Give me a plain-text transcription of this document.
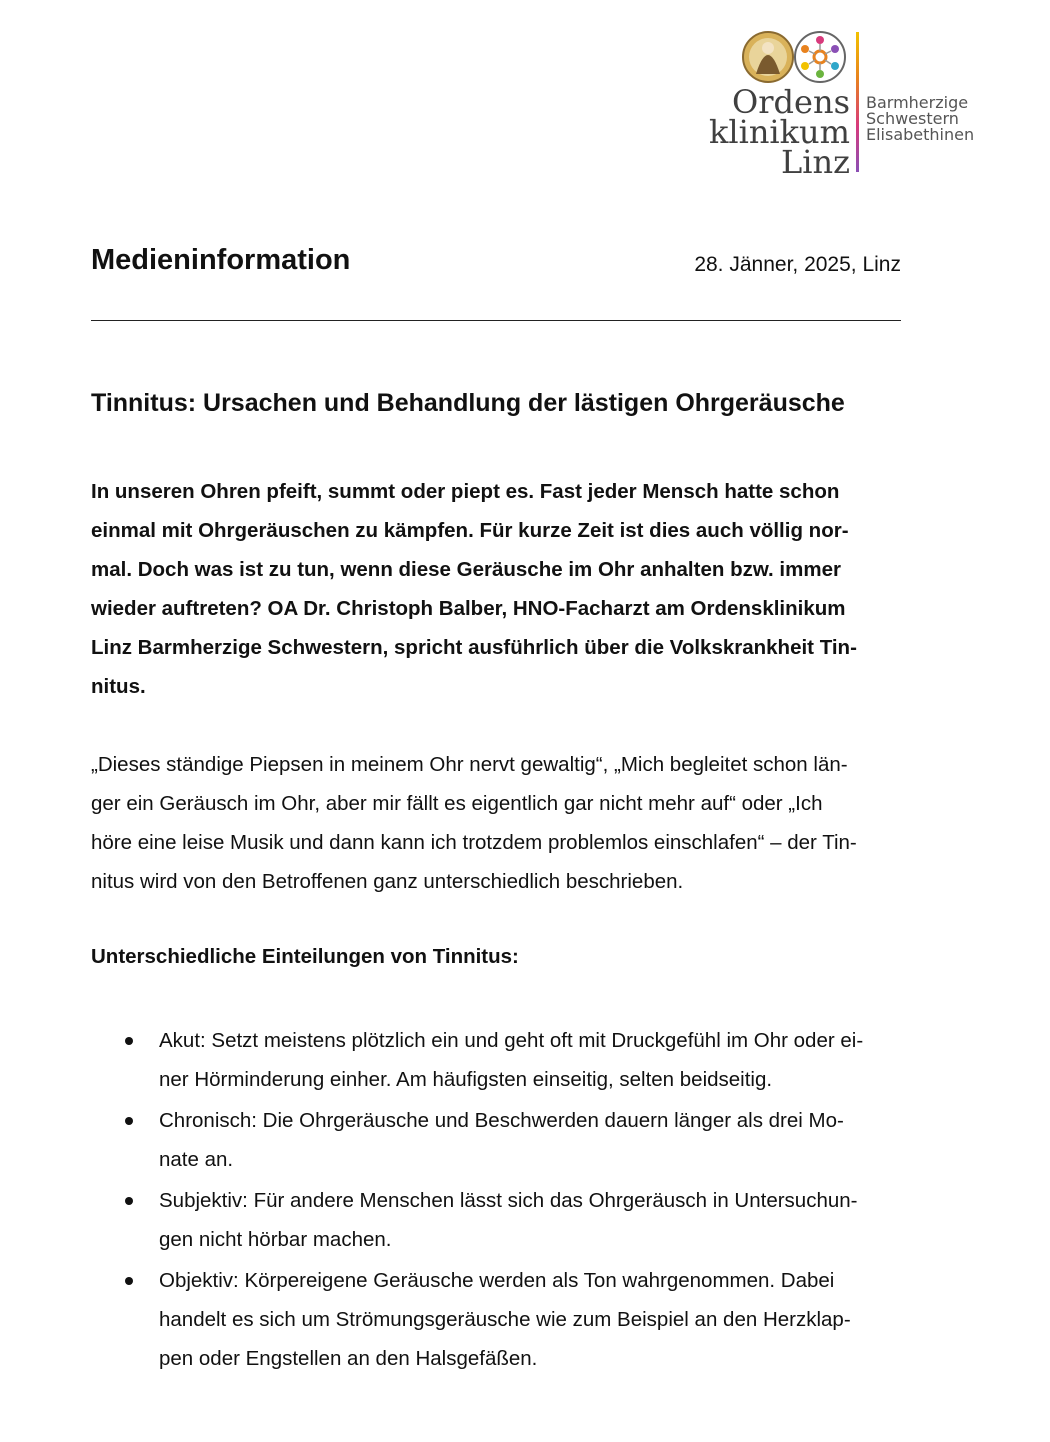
Ordens
klinikum
Linz
Barmherzige
Schwestern
Elisabethinen
Medieninformation	28. Jänner, 2025, Linz
Tinnitus: Ursachen und Behandlung der lästigen Ohrgeräusche
In unseren Ohren pfeift, summt oder piept es. Fast jeder Mensch hatte schon
einmal mit Ohrgeräuschen zu kämpfen. Für kurze Zeit ist dies auch völlig nor-
mal. Doch was ist zu tun, wenn diese Geräusche im Ohr anhalten bzw. immer
wieder auftreten? OA Dr. Christoph Balber, HNO-Facharzt am Ordensklinikum
Linz Barmherzige Schwestern, spricht ausführlich über die Volkskrankheit Tin-
nitus.
„Dieses ständige Piepsen in meinem Ohr nervt gewaltig“, „Mich begleitet schon län-
ger ein Geräusch im Ohr, aber mir fällt es eigentlich gar nicht mehr auf“ oder „Ich
höre eine leise Musik und dann kann ich trotzdem problemlos einschlafen“ – der Tin-
nitus wird von den Betroffenen ganz unterschiedlich beschrieben.
Unterschiedliche Einteilungen von Tinnitus:
Akut: Setzt meistens plötzlich ein und geht oft mit Druckgefühl im Ohr oder ei-
ner Hörminderung einher. Am häufigsten einseitig, selten beidseitig.
Chronisch: Die Ohrgeräusche und Beschwerden dauern länger als drei Mo-
nate an.
Subjektiv: Für andere Menschen lässt sich das Ohrgeräusch in Untersuchun-
gen nicht hörbar machen.
Objektiv: Körpereigene Geräusche werden als Ton wahrgenommen. Dabei
handelt es sich um Strömungsgeräusche wie zum Beispiel an den Herzklap-
pen oder Engstellen an den Halsgefäßen.
